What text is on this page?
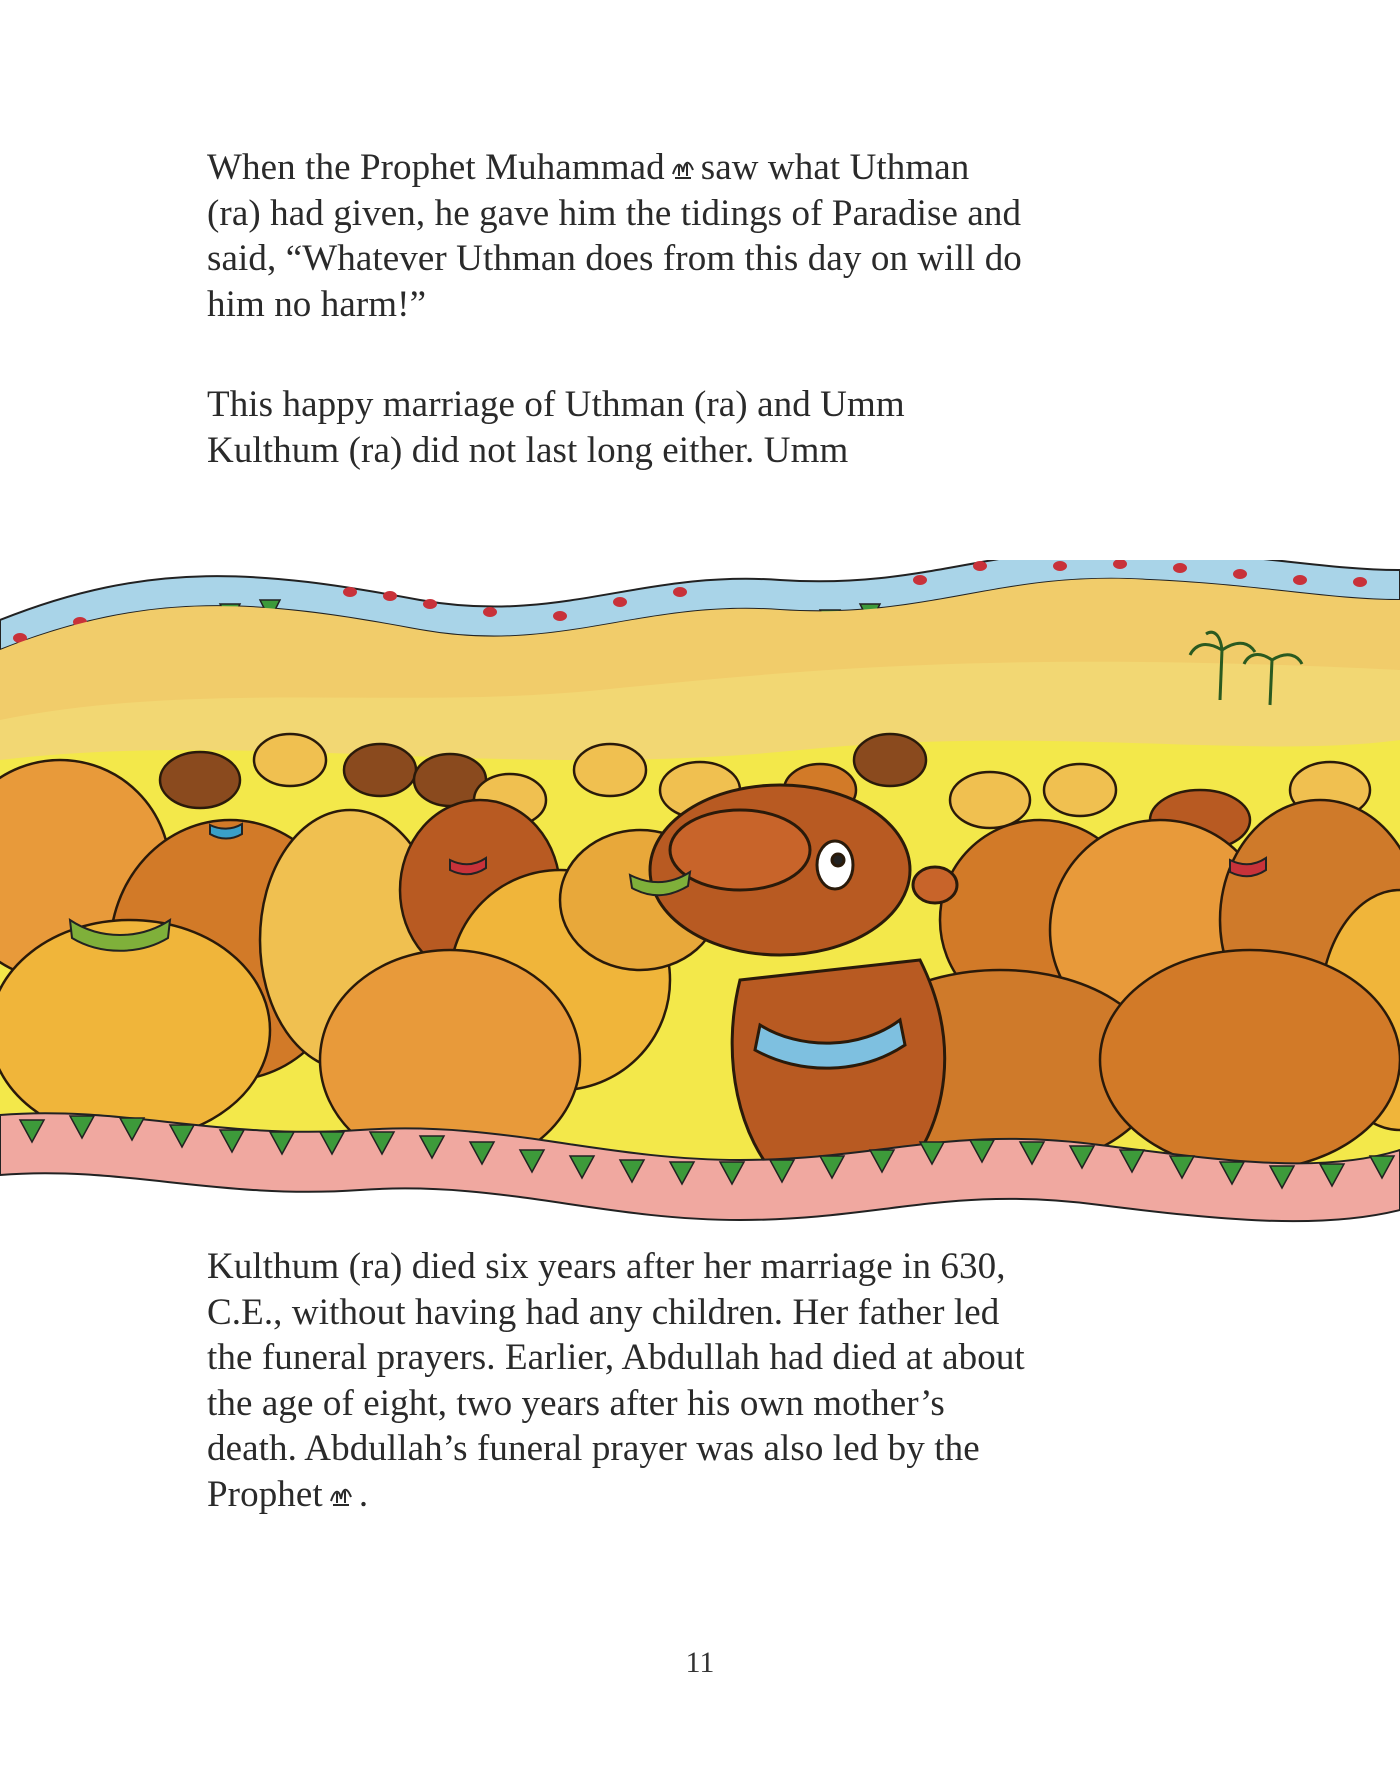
When the Prophet Muhammad saw what Uthman

(ra) had given, he gave him the tidings of Paradise and

said, “Whatever Uthman does from this day on will do

him no harm!”

This happy marriage of Uthman (ra) and Umm

Kulthum (ra) did not last long either. Umm

Kulthum (ra) died six years after her marriage in 630,

C.E., without having had any children. Her father led

the funeral prayers. Earlier, Abdullah had died at about

the age of eight, two years after his own mother’s

death. Abdullah’s funeral prayer was also led by the

Prophet .

11
